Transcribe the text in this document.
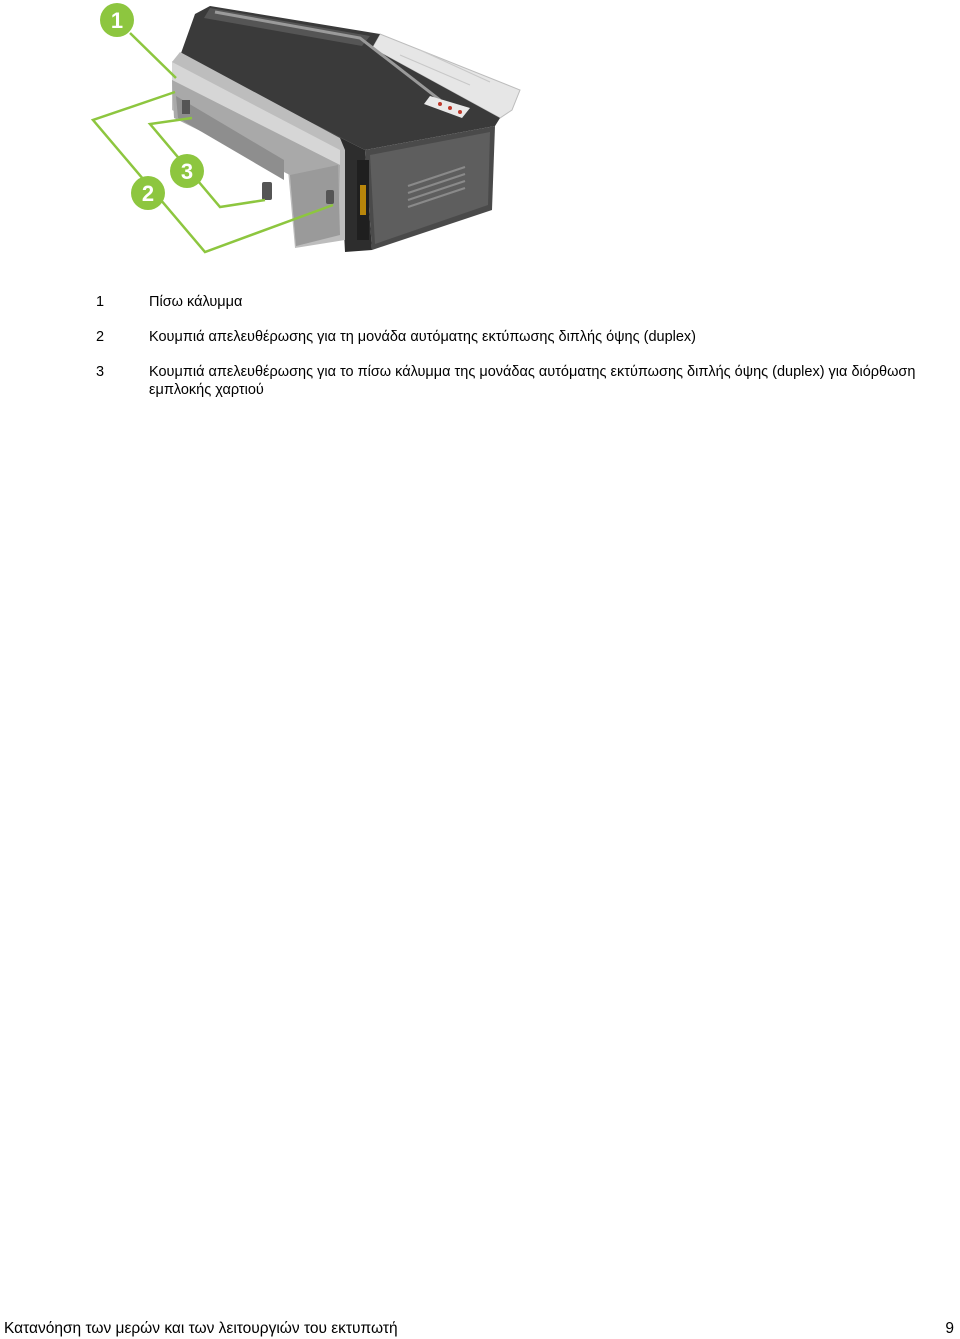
1
2
3
1	Πίσω κάλυμμα
2	Κουμπιά απελευθέρωσης για τη μονάδα αυτόματης εκτύπωσης διπλής όψης (duplex)
3	Κουμπιά απελευθέρωσης για το πίσω κάλυμμα της μονάδας αυτόματης εκτύπωσης διπλής όψης (duplex) για διόρθωση εμπλοκής χαρτιού
Κατανόηση των μερών και των λειτουργιών του εκτυπωτή	9
